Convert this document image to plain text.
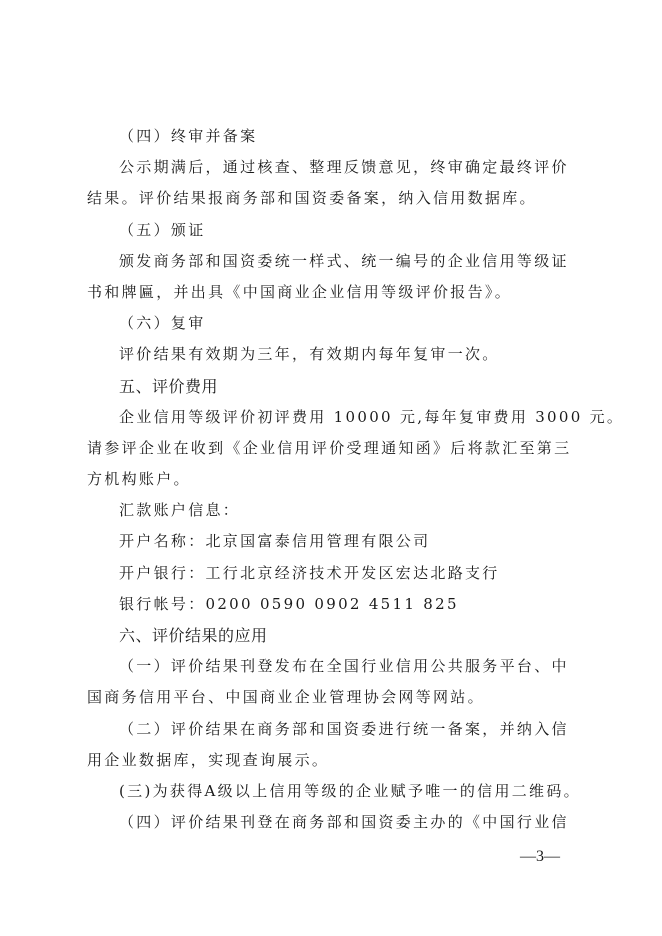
（四）终审并备案
公示期满后，通过核查、整理反馈意见，终审确定最终评价
结果。评价结果报商务部和国资委备案，纳入信用数据库。
（五）颁证
颁发商务部和国资委统一样式、统一编号的企业信用等级证
书和牌匾，并出具《中国商业企业信用等级评价报告》。
（六）复审
评价结果有效期为三年，有效期内每年复审一次。
五、评价费用
企业信用等级评价初评费用 10000 元,每年复审费用 3000 元。
请参评企业在收到《企业信用评价受理通知函》后将款汇至第三
方机构账户。
汇款账户信息：
开户名称：北京国富泰信用管理有限公司
开户银行：工行北京经济技术开发区宏达北路支行
银行帐号：0200 0590 0902 4511 825
六、评价结果的应用
（一）评价结果刊登发布在全国行业信用公共服务平台、中
国商务信用平台、中国商业企业管理协会网等网站。
（二）评价结果在商务部和国资委进行统一备案，并纳入信
用企业数据库，实现查询展示。
(三)为获得A级以上信用等级的企业赋予唯一的信用二维码。
（四）评价结果刊登在商务部和国资委主办的《中国行业信
—3—
